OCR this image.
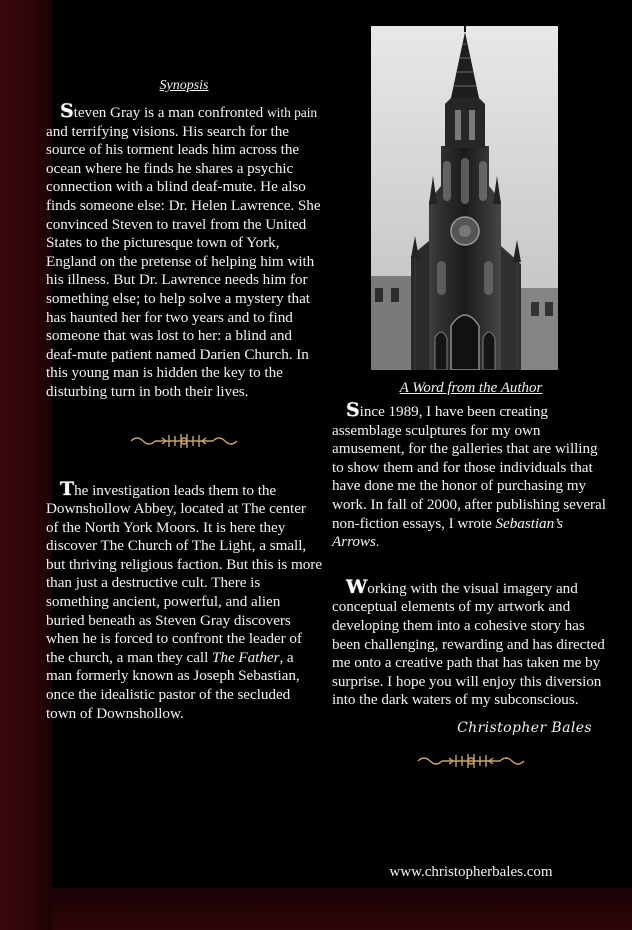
Synopsis

Steven Gray is a man confronted with pain and terrifying visions. His search for the source of his torment leads him across the ocean where he finds he shares a psychic connection with a blind deaf-mute. He also finds someone else: Dr. Helen Lawrence. She convinced Steven to travel from the United States to the picturesque town of York, England on the pretense of helping him with his illness. But Dr. Lawrence needs him for something else; to help solve a mystery that has haunted her for two years and to find someone that was lost to her: a blind and deaf-mute patient named Darien Church. In this young man is hidden the key to the disturbing turn in both their lives.

The investigation leads them to the Downshollow Abbey, located at The center of the North York Moors. It is here they discover The Church of The Light, a small, but thriving religious faction. But this is more than just a destructive cult. There is something ancient, powerful, and alien buried beneath as Steven Gray discovers when he is forced to confront the leader of the church, a man they call The Father, a man formerly known as Joseph Sebastian, once the idealistic pastor of the secluded town of Downshollow.

A Word from the Author

Since 1989, I have been creating assemblage sculptures for my own amusement, for the galleries that are willing to show them and for those individuals that have done me the honor of purchasing my work. In fall of 2000, after publishing several non-fiction essays, I wrote Sebastian’s Arrows.

Working with the visual imagery and conceptual elements of my artwork and developing them into a cohesive story has been challenging, rewarding and has directed me onto a creative path that has taken me by surprise. I hope you will enjoy this diversion into the dark waters of my subconscious.

Christopher Bales
www.christopherbales.com
